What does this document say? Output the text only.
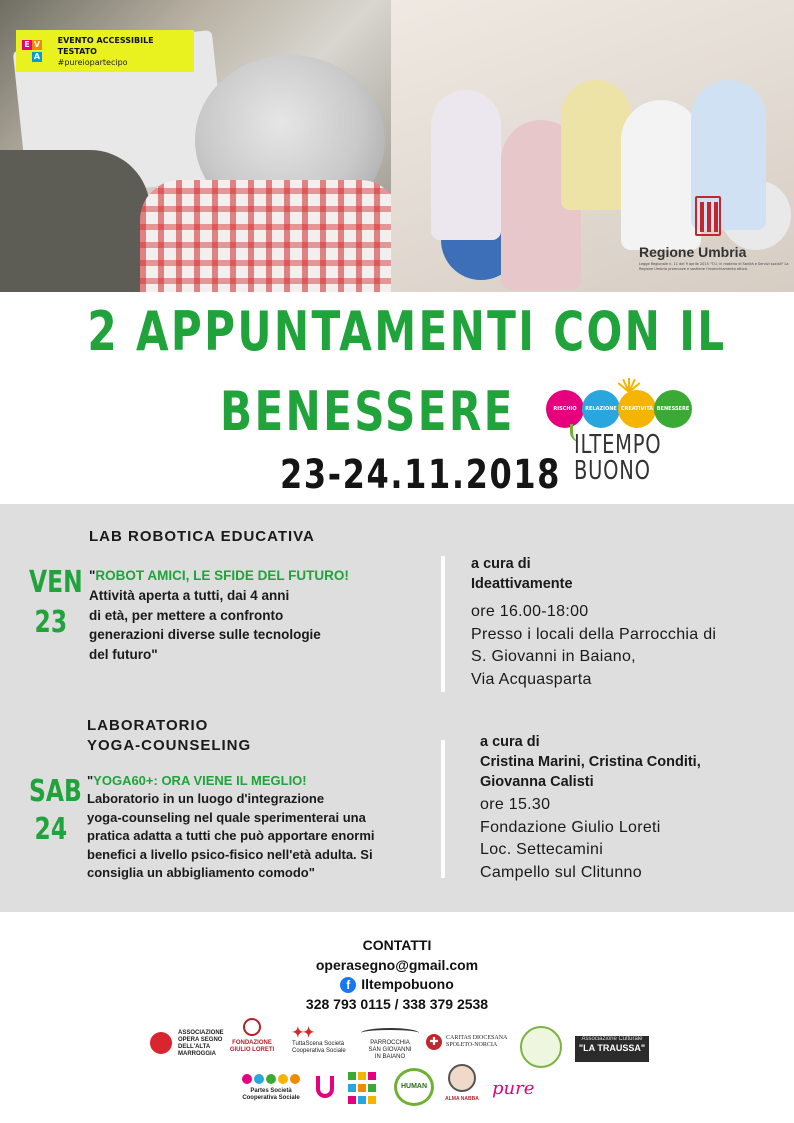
E V
A
EVENTO ACCESSIBILE TESTATO
#pureiopartecipo
Regione Umbria
Legge Regionale n. 11 del 9 aprile 2015 "T.U. in materia di Sanità e Servizi sociali" La Regione Umbria promuove e sostiene l'invecchiamento attivo.
2 APPUNTAMENTI CON IL
BENESSERE
23-24.11.2018
RISCHIO	RELAZIONE CREATIVITÀ BENESSERE
ILTEMPO
BUONO
LAB ROBOTICA EDUCATIVA
VEN
23
"ROBOT AMICI, LE SFIDE DEL FUTURO!
Attività aperta a tutti, dai 4 anni
di età, per mettere a confronto
generazioni diverse sulle tecnologie
del futuro"
a cura di
Ideattivamente
ore 16.00-18:00
Presso i locali della Parrocchia di
S. Giovanni in Baiano,
Via Acquasparta
LABORATORIO
YOGA-COUNSELING
SAB
24
"YOGA60+: ORA VIENE IL MEGLIO!
Laboratorio in un luogo d'integrazione
yoga-counseling nel quale sperimenterai una
pratica adatta a tutti che può apportare enormi
benefici a livello psico-fisico nell'età adulta. Si
consiglia un abbigliamento comodo"
a cura di
Cristina Marini, Cristina Conditi,
Giovanna Calisti
ore 15.30
Fondazione Giulio Loreti
Loc. Settecamini
Campello sul Clitunno
CONTATTI
operasegno@gmail.com
f Iltempobuono
328 793 0115 / 338 379 2538
ASSOCIAZIONE
OPERA SEGNO
DELL'ALTA
MARROGGIA
FONDAZIONE
GIULIO LORETI
✦✦
TuttaScena Società
Cooperativa Sociale
PARROCCHIA
SAN GIOVANNI
IN BAIANO
✚	CARITAS DIOCESANA
SPOLETO-NORCIA
Associazione Culturale
"LA TRAUSSA"
Partes Società
Cooperativa Sociale
HUMAN
ALMA NABBA pure
